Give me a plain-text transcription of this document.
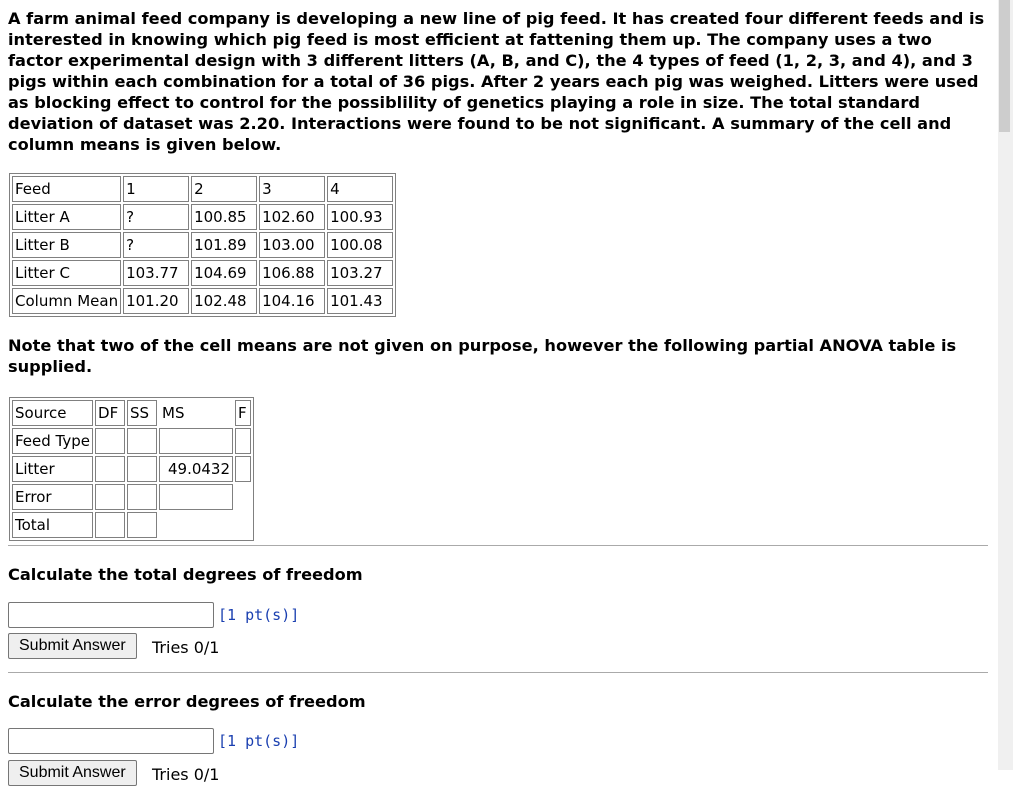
A farm animal feed company is developing a new line of pig feed. It has created four different feeds and is interested in knowing which pig feed is most efficient at fattening them up. The company uses a two factor experimental design with 3 different litters (A, B, and C), the 4 types of feed (1, 2, 3, and 4), and 3 pigs within each combination for a total of 36 pigs. After 2 years each pig was weighed. Litters were used as blocking effect to control for the possiblility of genetics playing a role in size. The total standard deviation of dataset was 2.20. Interactions were found to be not significant. A summary of the cell and column means is given below.

Feed	1	2	3	4
Litter A	?	100.85	102.60	100.93
Litter B	?	101.89	103.00	100.08
Litter C	103.77	104.69	106.88	103.27
Column Mean	101.20	102.48	104.16	101.43

Note that two of the cell means are not given on purpose, however the following partial ANOVA table is supplied.

Source	DF	SS	MS	F
Feed Type				
Litter			49.0432	
Error				
Total				
Calculate the total degrees of freedom
[1 pt(s)]
Submit Answer	Tries 0/1
Calculate the error degrees of freedom
[1 pt(s)]
Submit Answer	Tries 0/1
